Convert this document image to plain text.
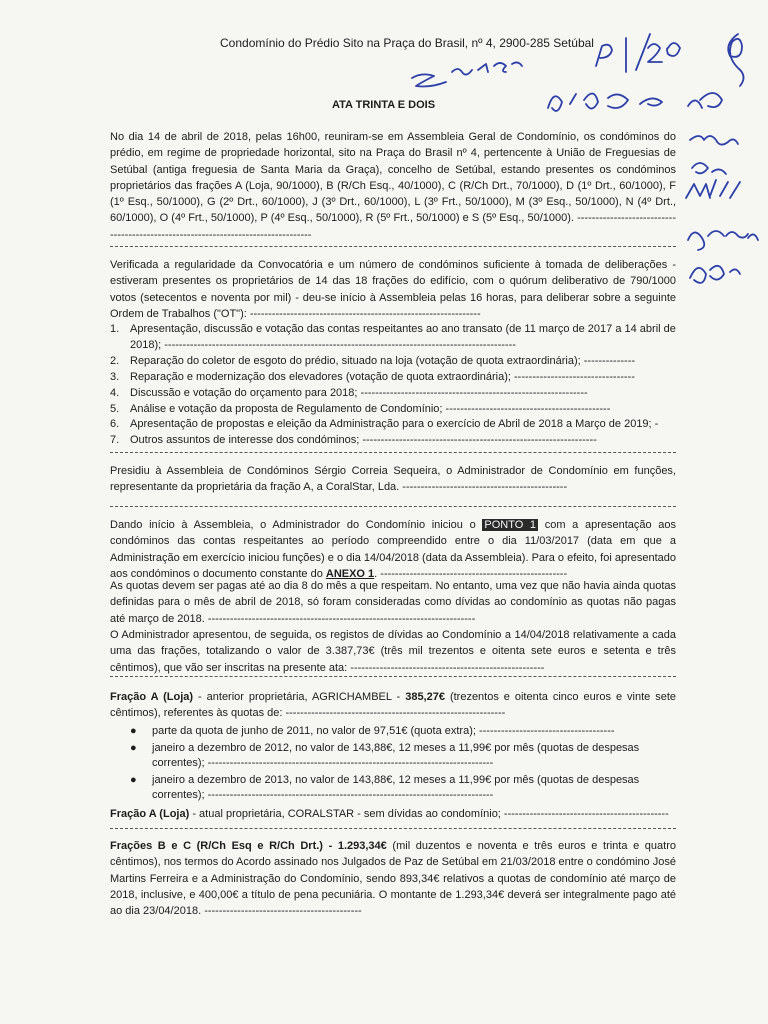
Condomínio do Prédio Sito na Praça do Brasil, nº 4, 2900-285 Setúbal
ATA TRINTA E DOIS

No dia 14 de abril de 2018, pelas 16h00, reuniram-se em Assembleia Geral de Condomínio, os condóminos do prédio, em regime de propriedade horizontal, sito na Praça do Brasil nº 4, pertencente à União de Freguesias de Setúbal (antiga freguesia de Santa Maria da Graça), concelho de Setúbal, estando presentes os condóminos proprietários das frações A (Loja, 90/1000), B (R/Ch Esq., 40/1000), C (R/Ch Drt., 70/1000), D (1º Drt., 60/1000), F (1º Esq., 50/1000), G (2º Drt., 60/1000), J (3º Drt., 60/1000), L (3º Frt., 50/1000), M (3º Esq., 50/1000), N (4º Drt., 60/1000), O (4º Frt., 50/1000), P (4º Esq., 50/1000), R (5º Frt., 50/1000) e S (5º Esq., 50/1000). ----------------------------------------------------------------------------------

Verificada a regularidade da Convocatória e um número de condóminos suficiente à tomada de deliberações - estiveram presentes os proprietários de 14 das 18 frações do edifício, com o quórum deliberativo de 790/1000 votos (setecentos e noventa por mil) - deu-se início à Assembleia pelas 16 horas, para deliberar sobre a seguinte Ordem de Trabalhos ("OT"): ---------------------------------------------------------------

1. Apresentação, discussão e votação das contas respeitantes ao ano transato (de 11 março de 2017 a 14 abril de 2018); ------------------------------------------------------------------------------------------------
2. Reparação do coletor de esgoto do prédio, situado na loja (votação de quota extraordinária); --------------
3. Reparação e modernização dos elevadores (votação de quota extraordinária); ---------------------------------
4. Discussão e votação do orçamento para 2018; --------------------------------------------------------------
5. Análise e votação da proposta de Regulamento de Condomínio; ---------------------------------------------
6. Apresentação de propostas e eleição da Administração para o exercício de Abril de 2018 a Março de 2019; -
7. Outros assuntos de interesse dos condóminos; ----------------------------------------------------------------

Presidiu à Assembleia de Condóminos Sérgio Correia Sequeira, o Administrador de Condomínio em funções, representante da proprietária da fração A, a CoralStar, Lda. ---------------------------------------------

Dando início à Assembleia, o Administrador do Condomínio iniciou o PONTO 1 com a apresentação aos condóminos das contas respeitantes ao período compreendido entre o dia 11/03/2017 (data em que a Administração em exercício iniciou funções) e o dia 14/04/2018 (data da Assembleia). Para o efeito, foi apresentado aos condóminos o documento constante do ANEXO 1. ---------------------------------------------------

As quotas devem ser pagas até ao dia 8 do mês a que respeitam. No entanto, uma vez que não havia ainda quotas definidas para o mês de abril de 2018, só foram consideradas como dívidas ao condomínio as quotas não pagas até março de 2018. -------------------------------------------------------------------------

O Administrador apresentou, de seguida, os registos de dívidas ao Condomínio a 14/04/2018 relativamente a cada uma das frações, totalizando o valor de 3.387,73€ (três mil trezentos e oitenta sete euros e setenta e três cêntimos), que vão ser inscritas na presente ata: -----------------------------------------------------

Fração A (Loja) - anterior proprietária, AGRICHAMBEL - 385,27€ (trezentos e oitenta cinco euros e vinte sete cêntimos), referentes às quotas de: ------------------------------------------------------------

●	parte da quota de junho de 2011, no valor de 97,51€ (quota extra); -------------------------------------
●	janeiro a dezembro de 2012, no valor de 143,88€, 12 meses a 11,99€ por mês (quotas de despesas correntes); ------------------------------------------------------------------------------
●	janeiro a dezembro de 2013, no valor de 143,88€, 12 meses a 11,99€ por mês (quotas de despesas correntes); ------------------------------------------------------------------------------

Fração A (Loja) - atual proprietária, CORALSTAR - sem dívidas ao condomínio; ---------------------------------------------

Frações B e C (R/Ch Esq e R/Ch Drt.) - 1.293,34€ (mil duzentos e noventa e três euros e trinta e quatro cêntimos), nos termos do Acordo assinado nos Julgados de Paz de Setúbal em 21/03/2018 entre o condómino José Martins Ferreira e a Administração do Condomínio, sendo 893,34€ relativos a quotas de condomínio até março de 2018, inclusive, e 400,00€ a título de pena pecuniária. O montante de 1.293,34€ deverá ser integralmente pago até ao dia 23/04/2018. -------------------------------------------
